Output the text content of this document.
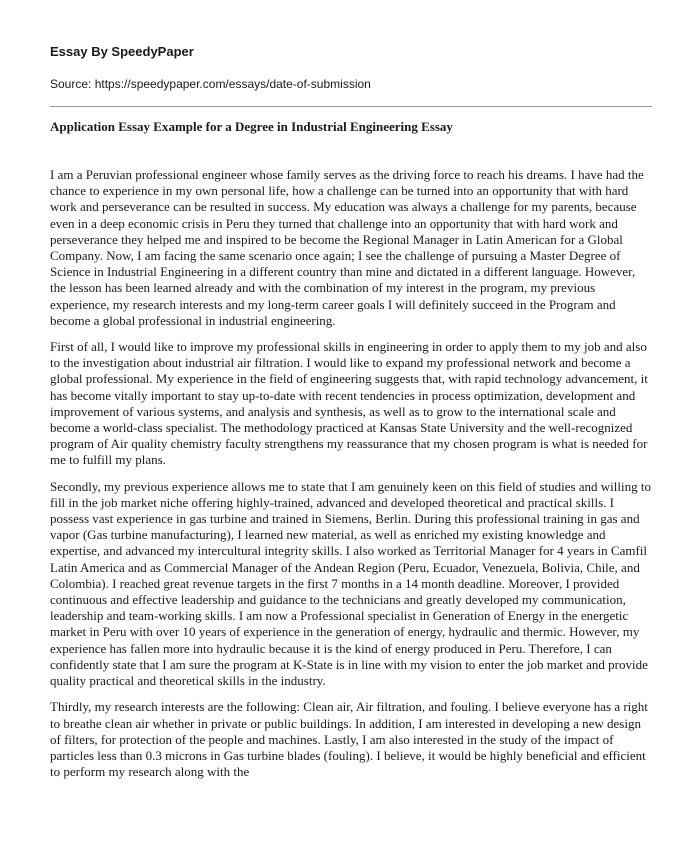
Essay By SpeedyPaper
Source: https://speedypaper.com/essays/date-of-submission
Application Essay Example for a Degree in Industrial Engineering Essay

I am a Peruvian professional engineer whose family serves as the driving force to reach his dreams. I have had the chance to experience in my own personal life, how a challenge can be turned into an opportunity that with hard work and perseverance can be resulted in success. My education was always a challenge for my parents, because even in a deep economic crisis in Peru they turned that challenge into an opportunity that with hard work and perseverance they helped me and inspired to be become the Regional Manager in Latin American for a Global Company. Now, I am facing the same scenario once again; I see the challenge of pursuing a Master Degree of Science in Industrial Engineering in a different country than mine and dictated in a different language. However, the lesson has been learned already and with the combination of my interest in the program, my previous experience, my research interests and my long-term career goals I will definitely succeed in the Program and become a global professional in industrial engineering.

First of all, I would like to improve my professional skills in engineering in order to apply them to my job and also to the investigation about industrial air filtration. I would like to expand my professional network and become a global professional. My experience in the field of engineering suggests that, with rapid technology advancement, it has become vitally important to stay up-to-date with recent tendencies in process optimization, development and improvement of various systems, and analysis and synthesis, as well as to grow to the international scale and become a world-class specialist. The methodology practiced at Kansas State University and the well-recognized program of Air quality chemistry faculty strengthens my reassurance that my chosen program is what is needed for me to fulfill my plans.

Secondly, my previous experience allows me to state that I am genuinely keen on this field of studies and willing to fill in the job market niche offering highly-trained, advanced and developed theoretical and practical skills. I possess vast experience in gas turbine and trained in Siemens, Berlin. During this professional training in gas and vapor (Gas turbine manufacturing), I learned new material, as well as enriched my existing knowledge and expertise, and advanced my intercultural integrity skills. I also worked as Territorial Manager for 4 years in Camfil Latin America and as Commercial Manager of the Andean Region (Peru, Ecuador, Venezuela, Bolivia, Chile, and Colombia). I reached great revenue targets in the first 7 months in a 14 month deadline. Moreover, I provided continuous and effective leadership and guidance to the technicians and greatly developed my communication, leadership and team-working skills. I am now a Professional specialist in Generation of Energy in the energetic market in Peru with over 10 years of experience in the generation of energy, hydraulic and thermic. However, my experience has fallen more into hydraulic because it is the kind of energy produced in Peru. Therefore, I can confidently state that I am sure the program at K-State is in line with my vision to enter the job market and provide quality practical and theoretical skills in the industry.

Thirdly, my research interests are the following: Clean air, Air filtration, and fouling. I believe everyone has a right to breathe clean air whether in private or public buildings. In addition, I am interested in developing a new design of filters, for protection of the people and machines. Lastly, I am also interested in the study of the impact of particles less than 0.3 microns in Gas turbine blades (fouling). I believe, it would be highly beneficial and efficient to perform my research along with the
